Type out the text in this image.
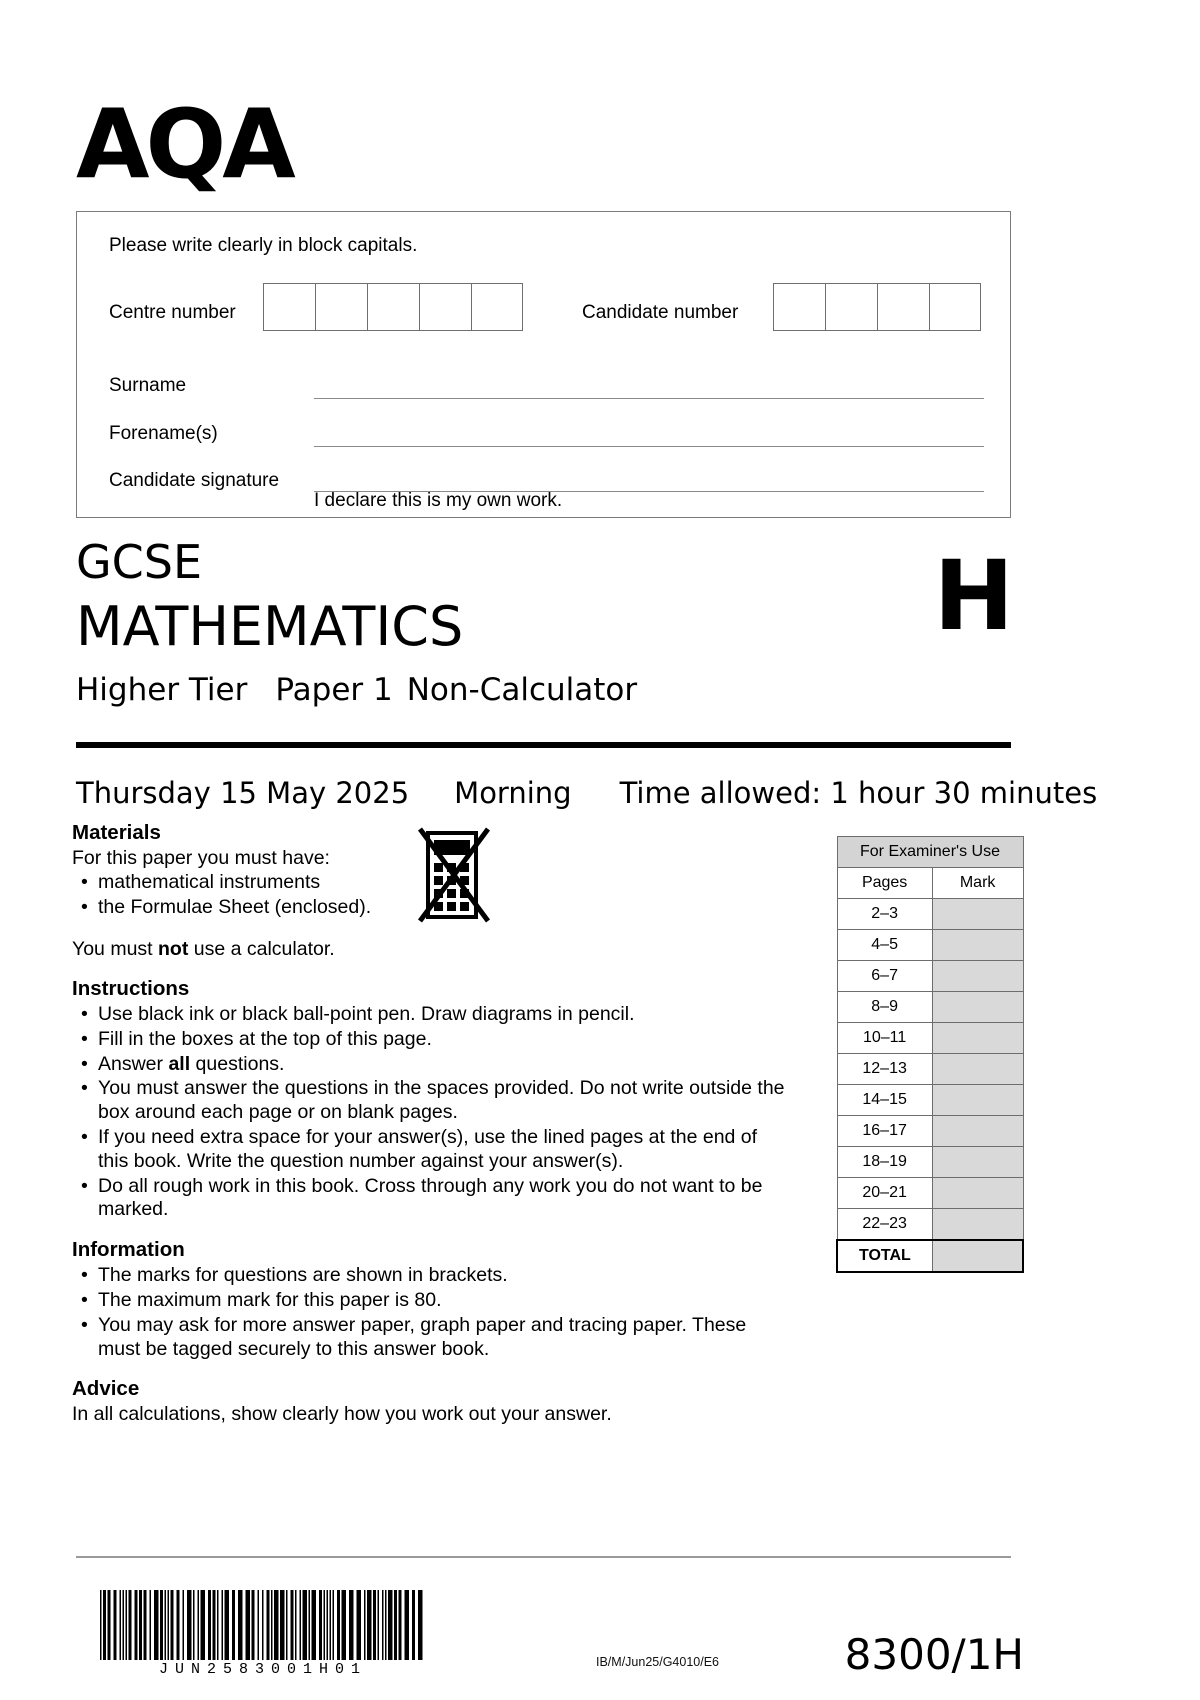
AQA
Please write clearly in block capitals.
Centre number	Candidate number
Surname
Forename(s)
Candidate signature
I declare this is my own work.
GCSE
MATHEMATICS
Higher Tier Paper 1 Non-Calculator
H
Thursday 15 May 2025 Morning Time allowed: 1 hour 30 minutes
Materials
For this paper you must have:
• mathematical instruments
• the Formulae Sheet (enclosed).
You must not use a calculator.
Instructions
• Use black ink or black ball-point pen. Draw diagrams in pencil.
• Fill in the boxes at the top of this page.
• Answer all questions.
• You must answer the questions in the spaces provided. Do not write outside the box around each page or on blank pages.
• If you need extra space for your answer(s), use the lined pages at the end of this book. Write the question number against your answer(s).
• Do all rough work in this book. Cross through any work you do not want to be marked.
Information
• The marks for questions are shown in brackets.
• The maximum mark for this paper is 80.
• You may ask for more answer paper, graph paper and tracing paper. These must be tagged securely to this answer book.
Advice
In all calculations, show clearly how you work out your answer.
For Examiner's Use	
Pages	Mark
2–3	
4–5	
6–7	
8–9	
10–11	
12–13	
14–15	
16–17	
18–19	
20–21	
22–23	
TOTAL	
JUN2583001H01	IB/M/Jun25/G4010/E6	8300/1H
